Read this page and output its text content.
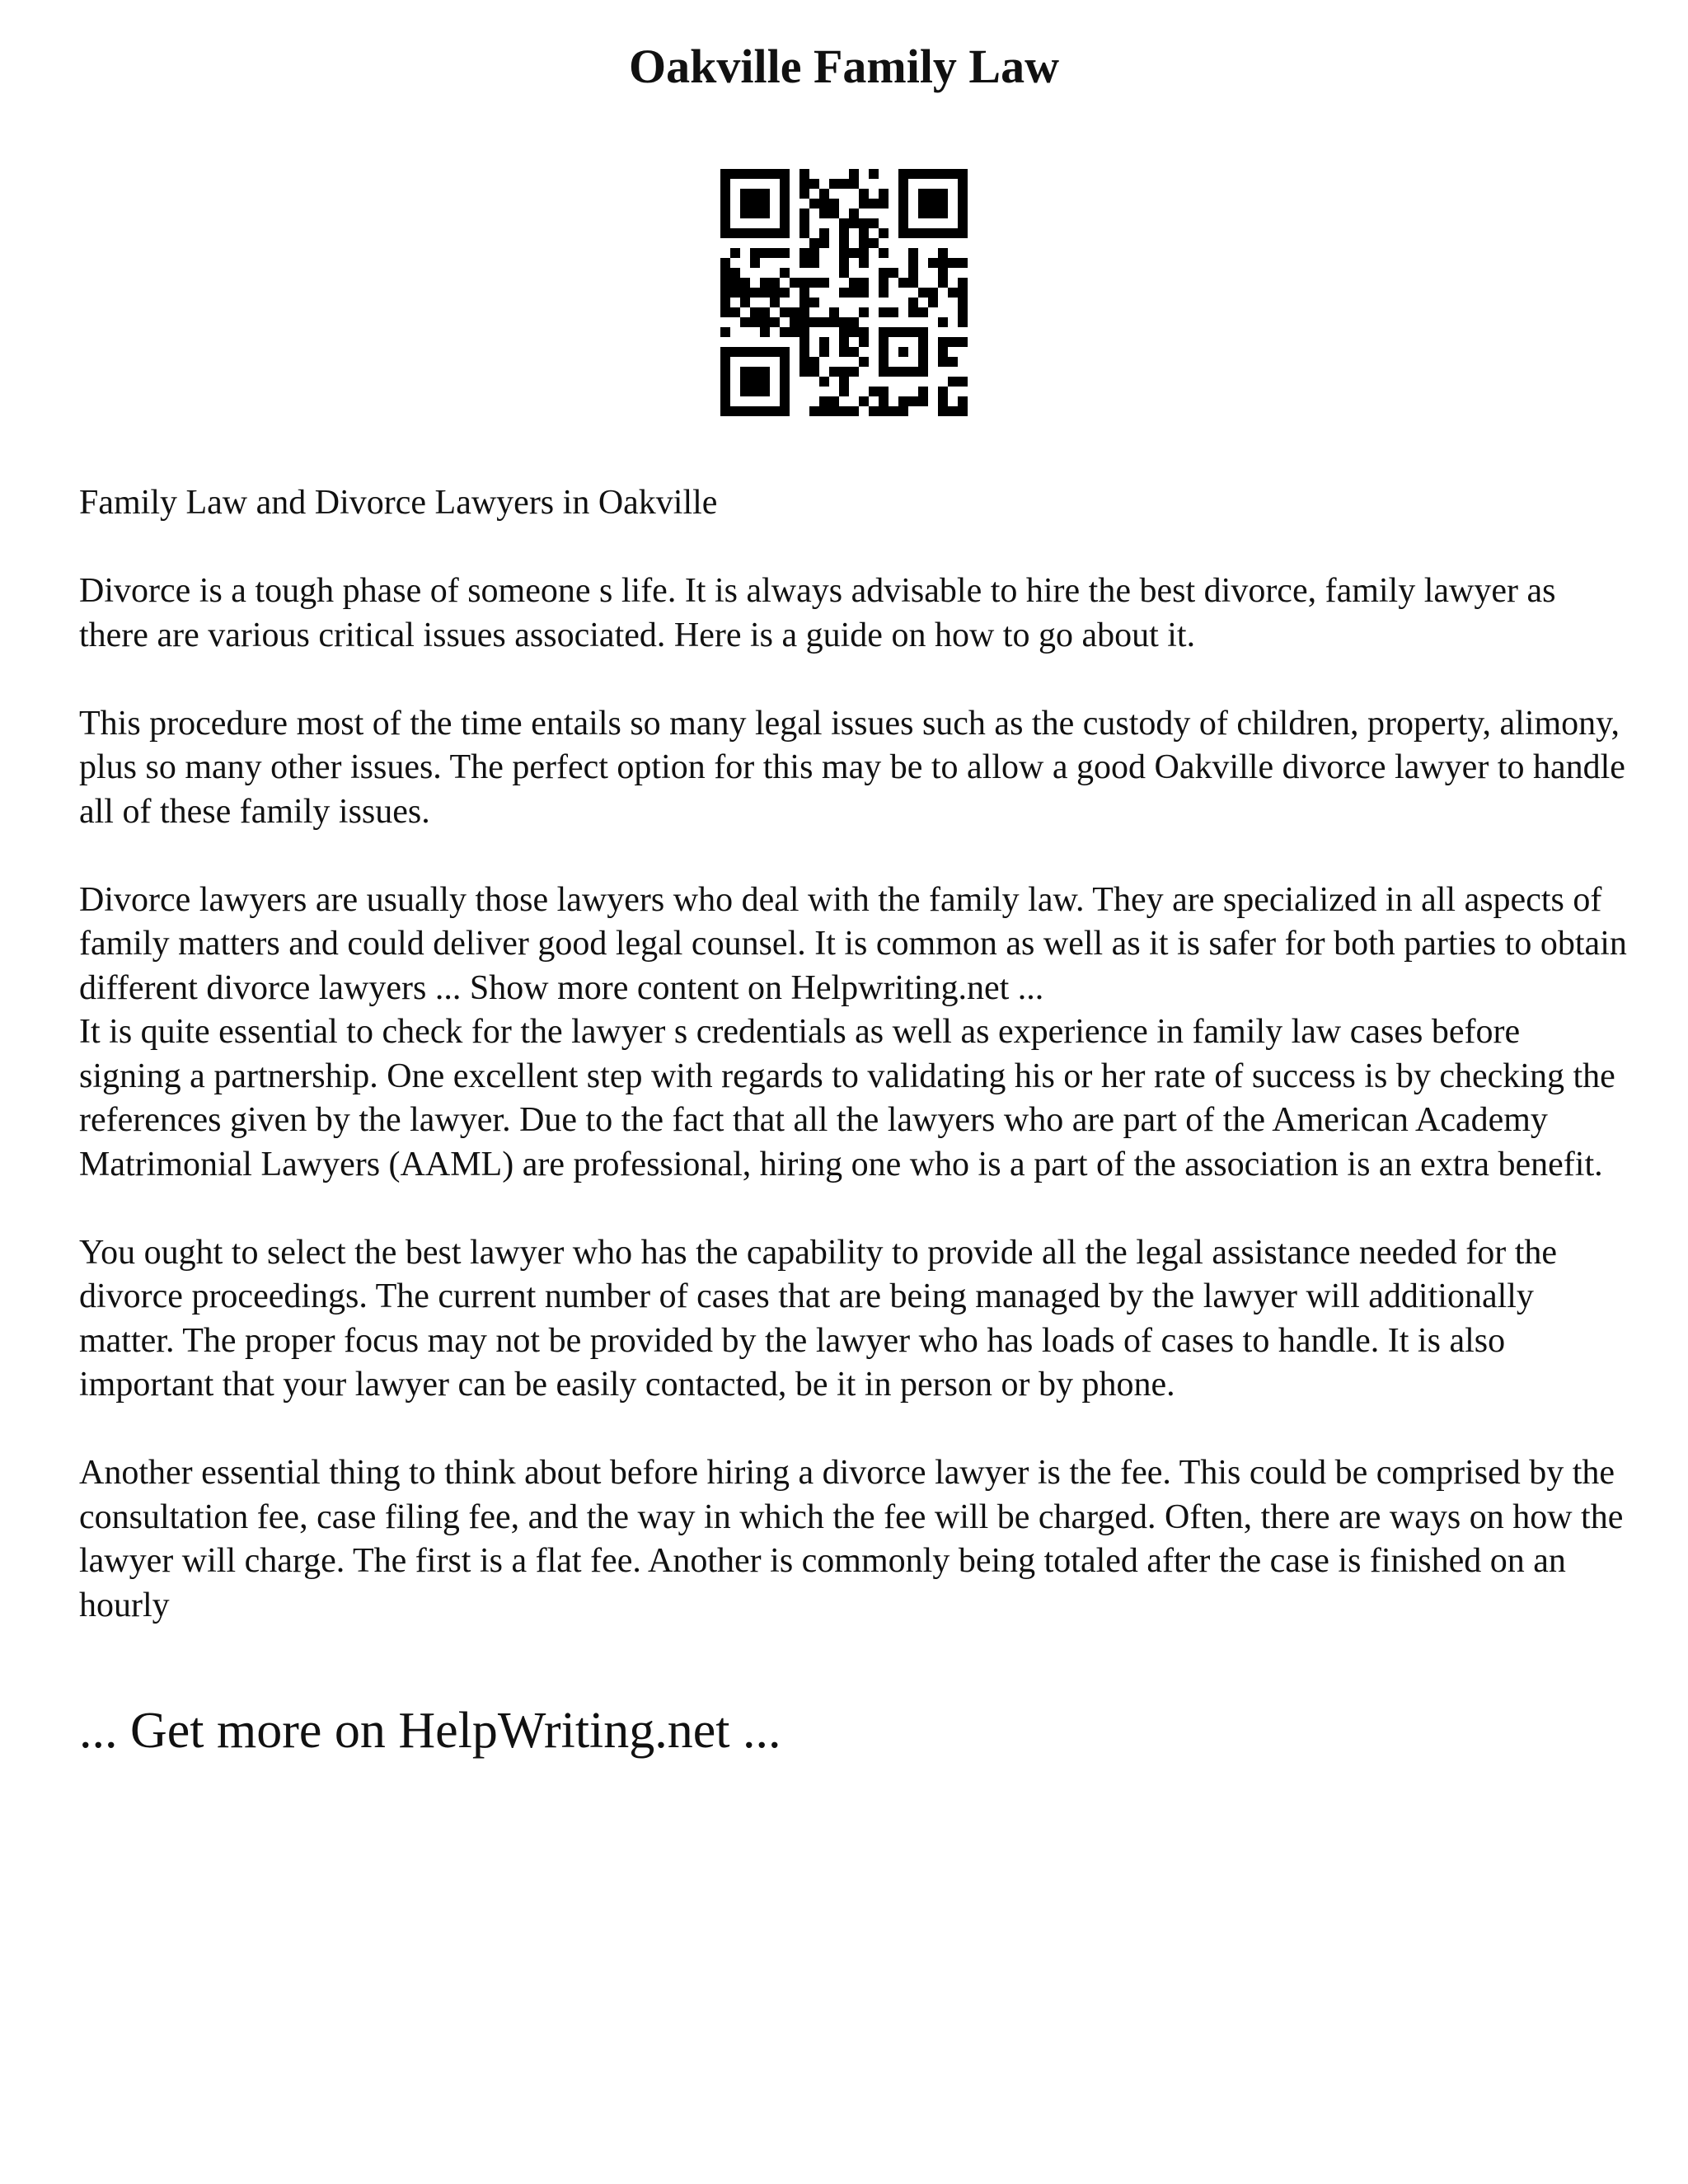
Oakville Family Law

Family Law and Divorce Lawyers in Oakville

Divorce is a tough phase of someone s life. It is always advisable to hire the best divorce, family lawyer as there are various critical issues associated. Here is a guide on how to go about it.

This procedure most of the time entails so many legal issues such as the custody of children, property, alimony, plus so many other issues. The perfect option for this may be to allow a good Oakville divorce lawyer to handle all of these family issues.

Divorce lawyers are usually those lawyers who deal with the family law. They are specialized in all aspects of family matters and could deliver good legal counsel. It is common as well as it is safer for both parties to obtain different divorce lawyers ... Show more content on Helpwriting.net ...

It is quite essential to check for the lawyer s credentials as well as experience in family law cases before signing a partnership. One excellent step with regards to validating his or her rate of success is by checking the references given by the lawyer. Due to the fact that all the lawyers who are part of the American Academy Matrimonial Lawyers (AAML) are professional, hiring one who is a part of the association is an extra benefit.

You ought to select the best lawyer who has the capability to provide all the legal assistance needed for the divorce proceedings. The current number of cases that are being managed by the lawyer will additionally matter. The proper focus may not be provided by the lawyer who has loads of cases to handle. It is also important that your lawyer can be easily contacted, be it in person or by phone.

Another essential thing to think about before hiring a divorce lawyer is the fee. This could be comprised by the consultation fee, case filing fee, and the way in which the fee will be charged. Often, there are ways on how the lawyer will charge. The first is a flat fee. Another is commonly being totaled after the case is finished on an hourly

... Get more on HelpWriting.net ...
